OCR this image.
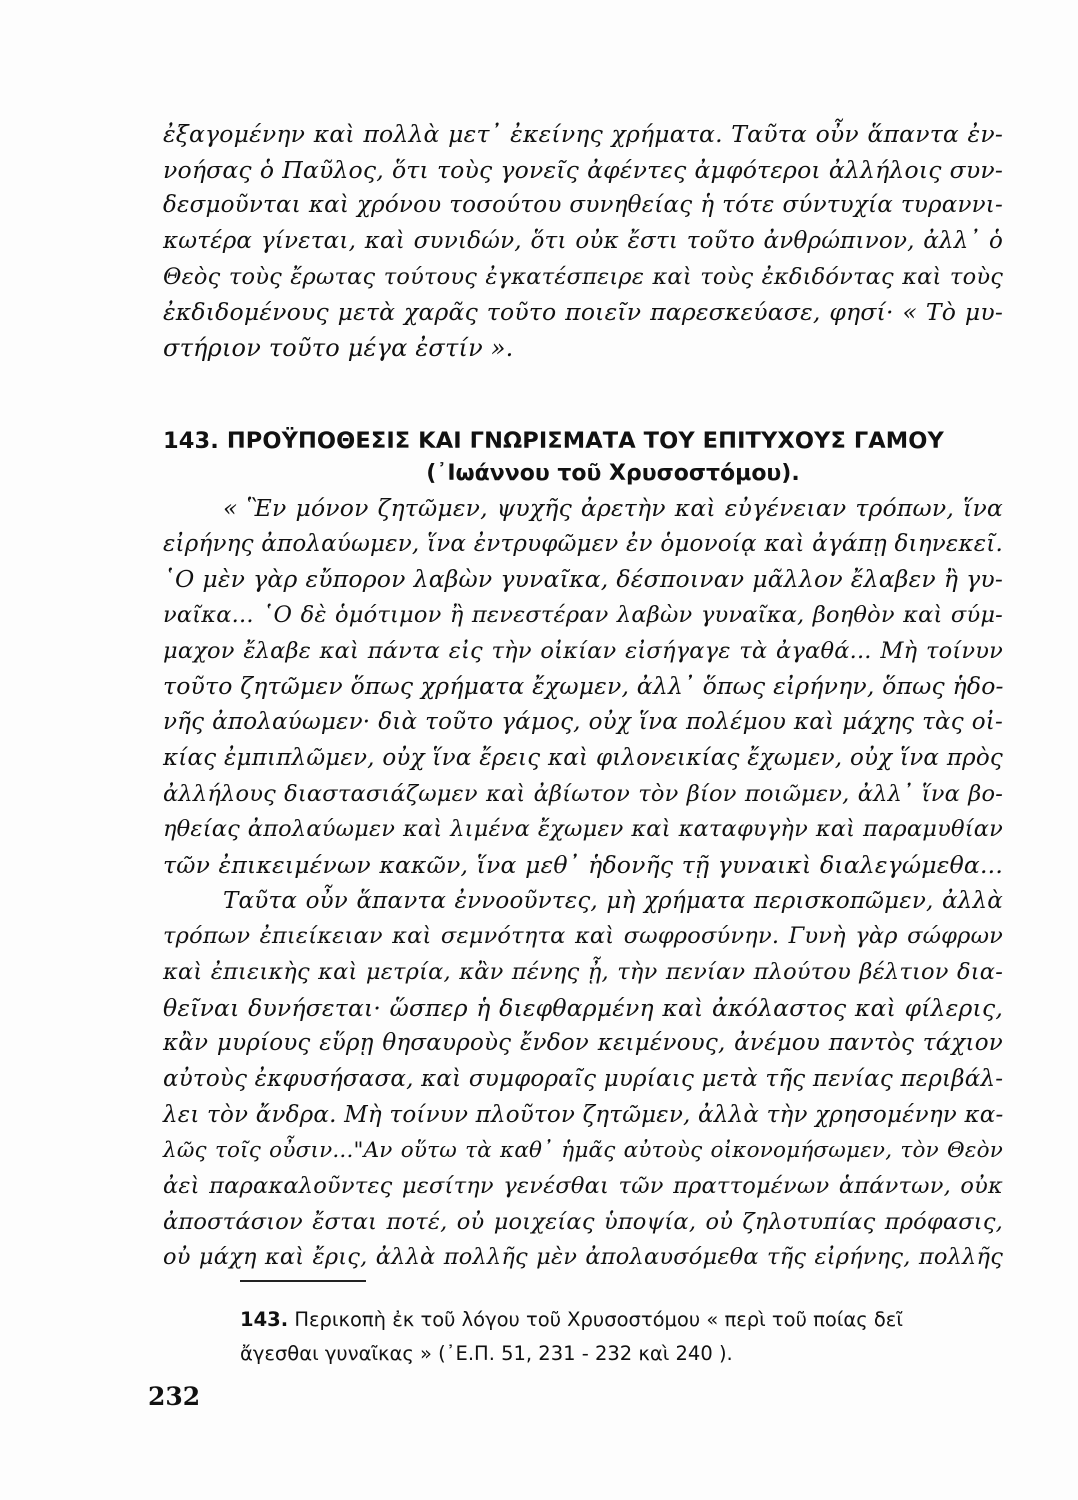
ἐξαγομένην καὶ πολλὰ μετ᾽ ἐκείνης χρήματα. Ταῦτα οὖν ἅπαντα ἐν-
νοήσας ὁ Παῦλος, ὅτι τοὺς γονεῖς ἀφέντες ἀμφότεροι ἀλλήλοις συν-
δεσμοῦνται καὶ χρόνου τοσούτου συνηθείας ἡ τότε σύντυχία τυραννι-
κωτέρα γίνεται, καὶ συνιδών, ὅτι οὐκ ἔστι τοῦτο ἀνθρώπινον, ἀλλ᾽ ὁ
Θεὸς τοὺς ἔρωτας τούτους ἐγκατέσπειρε καὶ τοὺς ἐκδιδόντας καὶ τοὺς
ἐκδιδομένους μετὰ χαρᾶς τοῦτο ποιεῖν παρεσκεύασε, φησί· « Τὸ μυ-
στήριον τοῦτο μέγα ἐστίν ».
143. ΠΡΟΫΠΟΘΕΣΙΣ ΚΑΙ ΓΝΩΡΙΣΜΑΤΑ ΤΟΥ ΕΠΙΤΥΧΟΥΣ ΓΑΜΟΥ
(᾽Ιωάννου τοῦ Χρυσοστόμου).
« Ἓν μόνον ζητῶμεν, ψυχῆς ἀρετὴν καὶ εὐγένειαν τρόπων, ἵνα
εἰρήνης ἀπολαύωμεν, ἵνα ἐντρυφῶμεν ἐν ὁμονοίᾳ καὶ ἀγάπῃ διηνεκεῖ.
῾Ο μὲν γὰρ εὔπορον λαβὼν γυναῖκα, δέσποιναν μᾶλλον ἔλαβεν ἢ γυ-
ναῖκα... ῾Ο δὲ ὁμότιμον ἢ πενεστέραν λαβὼν γυναῖκα, βοηθὸν καὶ σύμ-
μαχον ἔλαβε καὶ πάντα εἰς τὴν οἰκίαν εἰσήγαγε τὰ ἀγαθά... Μὴ τοίνυν
τοῦτο ζητῶμεν ὅπως χρήματα ἔχωμεν, ἀλλ᾽ ὅπως εἰρήνην, ὅπως ἡδο-
νῆς ἀπολαύωμεν· διὰ τοῦτο γάμος, οὐχ ἵνα πολέμου καὶ μάχης τὰς οἰ-
κίας ἐμπιπλῶμεν, οὐχ ἵνα ἔρεις καὶ φιλονεικίας ἔχωμεν, οὐχ ἵνα πρὸς
ἀλλήλους διαστασιάζωμεν καὶ ἀβίωτον τὸν βίον ποιῶμεν, ἀλλ᾽ ἵνα βο-
ηθείας ἀπολαύωμεν καὶ λιμένα ἔχωμεν καὶ καταφυγὴν καὶ παραμυθίαν
τῶν ἐπικειμένων κακῶν, ἵνα μεθ᾽ ἡδονῆς τῇ γυναικὶ διαλεγώμεθα...
Ταῦτα οὖν ἅπαντα ἐννοοῦντες, μὴ χρήματα περισκοπῶμεν, ἀλλὰ
τρόπων ἐπιείκειαν καὶ σεμνότητα καὶ σωφροσύνην. Γυνὴ γὰρ σώφρων
καὶ ἐπιεικὴς καὶ μετρία, κἂν πένης ᾖ, τὴν πενίαν πλούτου βέλτιον δια-
θεῖναι δυνήσεται· ὥσπερ ἡ διεφθαρμένη καὶ ἀκόλαστος καὶ φίλερις,
κἂν μυρίους εὕρῃ θησαυροὺς ἔνδον κειμένους, ἀνέμου παντὸς τάχιον
αὐτοὺς ἐκφυσήσασα, καὶ συμφοραῖς μυρίαις μετὰ τῆς πενίας περιβάλ-
λει τὸν ἄνδρα. Μὴ τοίνυν πλοῦτον ζητῶμεν, ἀλλὰ τὴν χρησομένην κα-
λῶς τοῖς οὖσιν..."Αν οὕτω τὰ καθ᾽ ἡμᾶς αὐτοὺς οἰκονομήσωμεν, τὸν Θεὸν
ἀεὶ παρακαλοῦντες μεσίτην γενέσθαι τῶν πραττομένων ἁπάντων, οὐκ
ἀποστάσιον ἔσται ποτέ, οὐ μοιχείας ὑποψία, οὐ ζηλοτυπίας πρόφασις,
οὐ μάχη καὶ ἔρις, ἀλλὰ πολλῆς μὲν ἀπολαυσόμεθα τῆς εἰρήνης, πολλῆς
143. Περικοπὴ ἐκ τοῦ λόγου τοῦ Χρυσοστόμου « περὶ τοῦ ποίας δεῖ
ἄγεσθαι γυναῖκας » (᾽Ε.Π. 51, 231 - 232 καὶ 240 ).
232
